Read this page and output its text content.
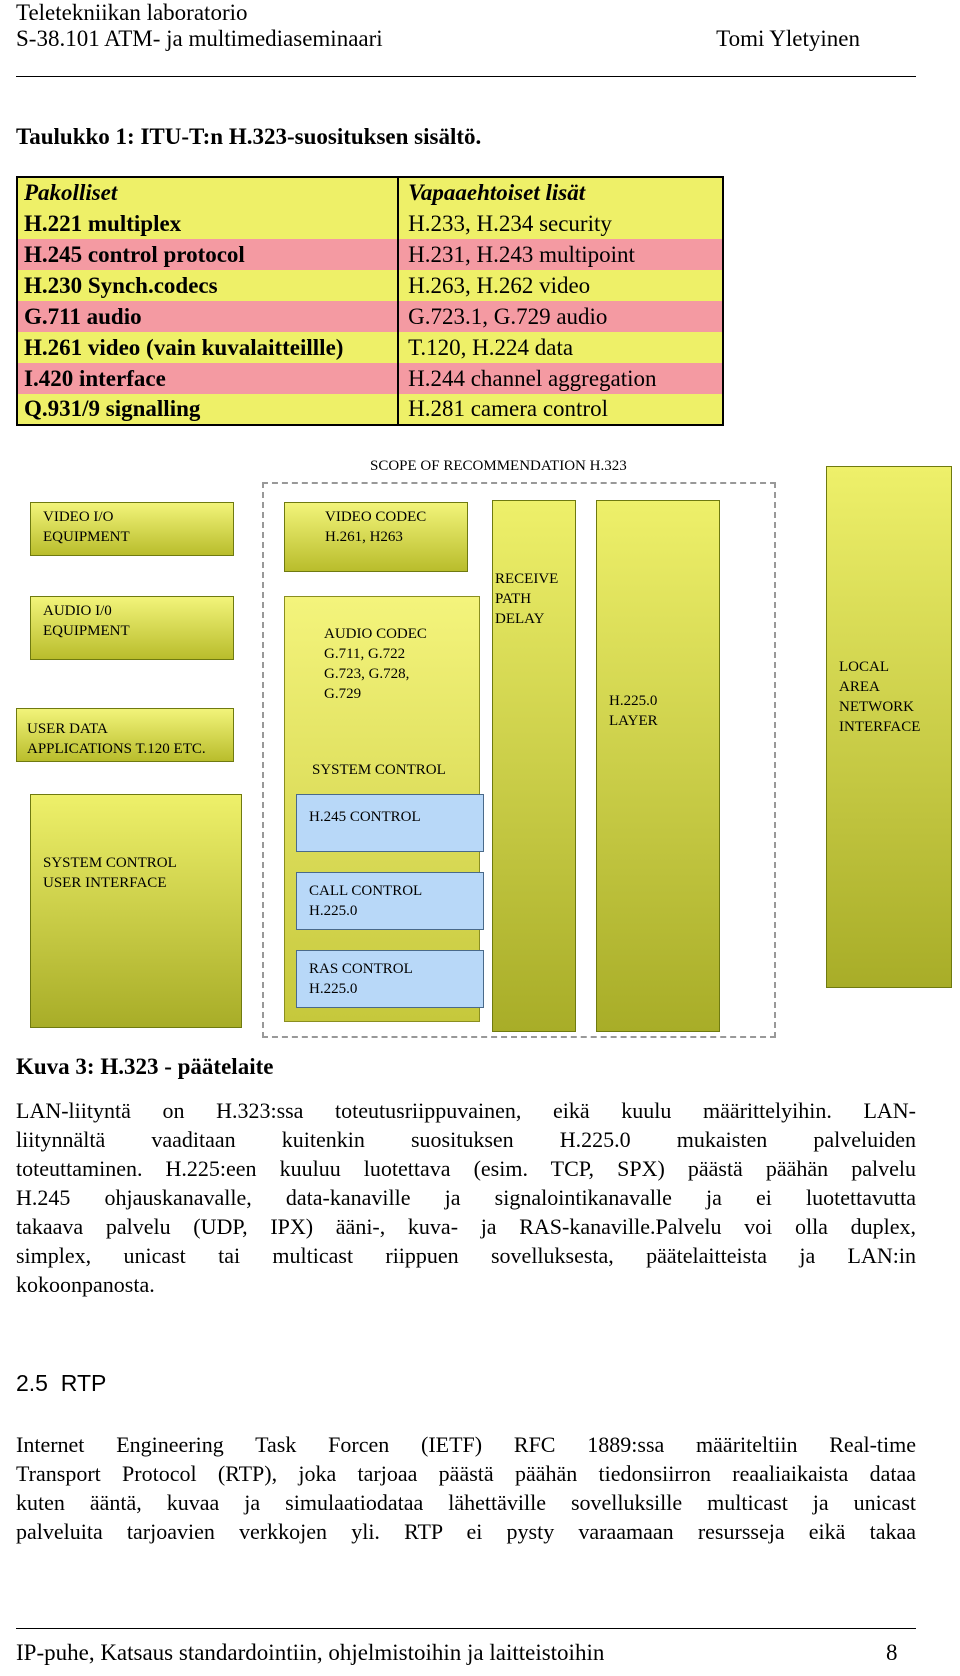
Teletekniikan laboratorio
S-38.101 ATM- ja multimediaseminaari	Tomi Yletyinen
Taulukko 1: ITU-T:n H.323-suosituksen sisältö.
Pakolliset	Vapaaehtoiset lisät
H.221 multiplex	H.233, H.234 security
H.245 control protocol	H.231, H.243 multipoint
H.230 Synch.codecs	H.263, H.262 video
G.711 audio	G.723.1, G.729 audio
H.261 video (vain kuvalaitteillle)	T.120, H.224 data
I.420 interface	H.244 channel aggregation
Q.931/9 signalling	H.281 camera control
SCOPE OF RECOMMENDATION H.323
VIDEO I/O
EQUIPMENT
AUDIO I/0
EQUIPMENT
USER DATA
APPLICATIONS T.120 ETC.
SYSTEM CONTROL
USER INTERFACE
VIDEO CODEC
H.261, H263
AUDIO CODEC
G.711, G.722
G.723, G.728,
G.729
SYSTEM CONTROL
H.245 CONTROL
CALL CONTROL
H.225.0
RAS CONTROL
H.225.0
RECEIVE
PATH
DELAY
H.225.0
LAYER
LOCAL
AREA
NETWORK
INTERFACE
Kuva 3: H.323 - päätelaite
LAN-liityntä on H.323:ssa toteutusriippuvainen, eikä kuulu määrittelyihin. LAN-
liitynnältä vaaditaan kuitenkin suosituksen H.225.0 mukaisten palveluiden
toteuttaminen. H.225:een kuuluu luotettava (esim. TCP, SPX) päästä päähän palvelu
H.245 ohjauskanavalle, data-kanaville ja signalointikanavalle ja ei luotettavutta
takaava palvelu (UDP, IPX) ääni-, kuva- ja RAS-kanaville.Palvelu voi olla duplex,
simplex, unicast tai multicast riippuen sovelluksesta, päätelaitteista ja LAN:in
kokoonpanosta.
2.5 RTP
Internet Engineering Task Forcen (IETF) RFC 1889:ssa määriteltiin Real-time
Transport Protocol (RTP), joka tarjoaa päästä päähän tiedonsiirron reaaliaikaista dataa
kuten ääntä, kuvaa ja simulaatiodataa lähettäville sovelluksille multicast ja unicast
palveluita tarjoavien verkkojen yli. RTP ei pysty varaamaan resursseja eikä takaa
IP-puhe, Katsaus standardointiin, ohjelmistoihin ja laitteistoihin	8
